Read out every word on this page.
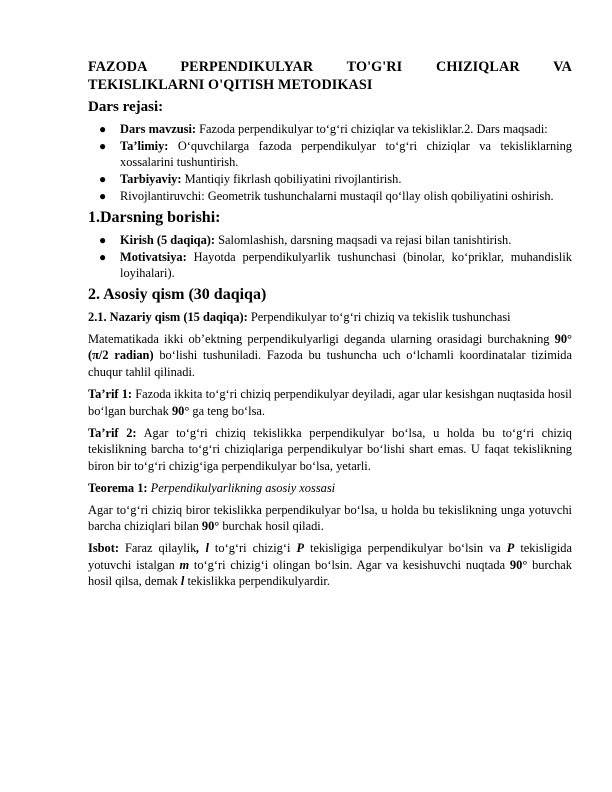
FAZODA PERPENDIKULYAR TO'G'RI CHIZIQLAR VA
TEKISLIKLARNI O'QITISH METODIKASI
Dars rejasi:
● Dars mavzusi: Fazoda perpendikulyar to‘g‘ri chiziqlar va tekisliklar.2. Dars maqsadi:
● Ta’limiy: O‘quvchilarga fazoda perpendikulyar to‘g‘ri chiziqlar va tekisliklarning xossalarini tushuntirish.
● Tarbiyaviy: Mantiqiy fikrlash qobiliyatini rivojlantirish.
● Rivojlantiruvchi: Geometrik tushunchalarni mustaqil qo‘llay olish qobiliyatini oshirish.
1.Darsning borishi:
● Kirish (5 daqiqa): Salomlashish, darsning maqsadi va rejasi bilan tanishtirish.
● Motivatsiya: Hayotda perpendikulyarlik tushunchasi (binolar, ko‘priklar, muhandislik loyihalari).
2. Asosiy qism (30 daqiqa)
2.1. Nazariy qism (15 daqiqa): Perpendikulyar to‘g‘ri chiziq va tekislik tushunchasi
Matematikada ikki ob’ektning perpendikulyarligi deganda ularning orasidagi burchakning 90° (π/2 radian) bo‘lishi tushuniladi. Fazoda bu tushuncha uch o‘lchamli koordinatalar tizimida chuqur tahlil qilinadi.
Ta’rif 1: Fazoda ikkita to‘g‘ri chiziq perpendikulyar deyiladi, agar ular kesishgan nuqtasida hosil bo‘lgan burchak 90° ga teng bo‘lsa.
Ta’rif 2: Agar to‘g‘ri chiziq tekislikka perpendikulyar bo‘lsa, u holda bu to‘g‘ri chiziq tekislikning barcha to‘g‘ri chiziqlariga perpendikulyar bo‘lishi shart emas. U faqat tekislikning biron bir to‘g‘ri chizig‘iga perpendikulyar bo‘lsa, yetarli.
Teorema 1: Perpendikulyarlikning asosiy xossasi
Agar to‘g‘ri chiziq biror tekislikka perpendikulyar bo‘lsa, u holda bu tekislikning unga yotuvchi barcha chiziqlari bilan 90° burchak hosil qiladi.
Isbot: Faraz qilaylik, l to‘g‘ri chizig‘i P tekisligiga perpendikulyar bo‘lsin va P tekisligida yotuvchi istalgan m to‘g‘ri chizig‘i olingan bo‘lsin. Agar va kesishuvchi nuqtada 90° burchak hosil qilsa, demak l tekislikka perpendikulyardir.
